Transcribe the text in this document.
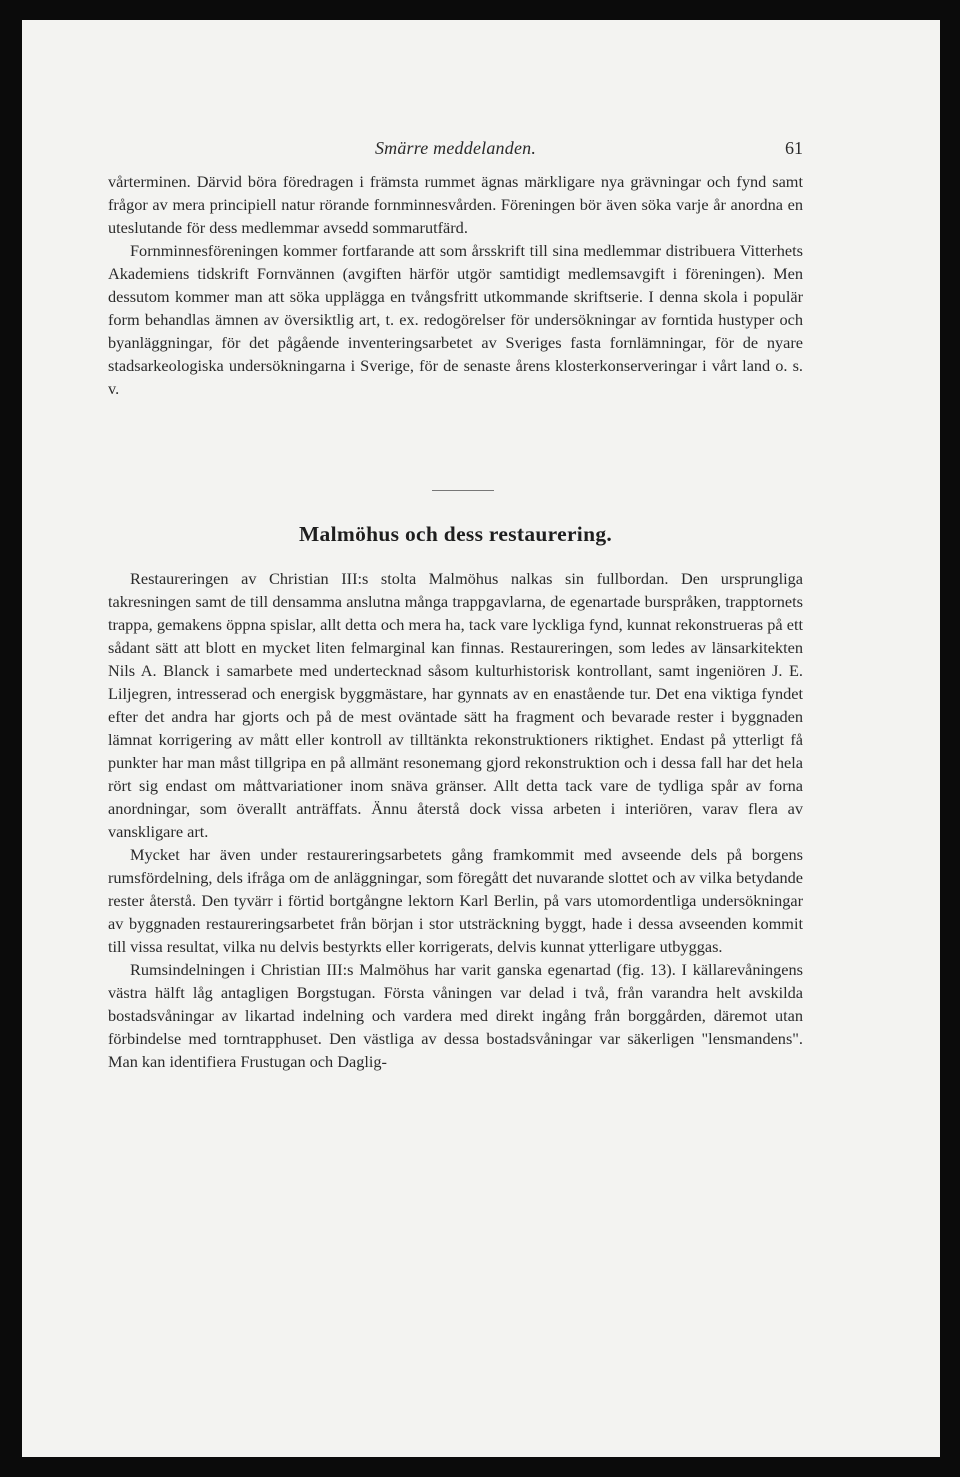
Smärre meddelanden.	61

vårterminen. Därvid böra föredragen i främsta rummet ägnas märkligare nya grävningar och fynd samt frågor av mera principiell natur rörande fornminnesvården. Föreningen bör även söka varje år anordna en uteslutande för dess medlemmar avsedd sommarutfärd.

Fornminnesföreningen kommer fortfarande att som årsskrift till sina medlemmar distribuera Vitterhets Akademiens tidskrift Fornvännen (avgiften härför utgör samtidigt medlemsavgift i föreningen). Men dessutom kommer man att söka upplägga en tvångsfritt utkommande skriftserie. I denna skola i populär form behandlas ämnen av översiktlig art, t. ex. redogörelser för undersökningar av forntida hustyper och byanläggningar, för det pågående inventeringsarbetet av Sveriges fasta fornlämningar, för de nyare stadsarkeologiska undersökningarna i Sverige, för de senaste årens klosterkonserveringar i vårt land o. s. v.

Malmöhus och dess restaurering.

Restaureringen av Christian III:s stolta Malmöhus nalkas sin fullbordan. Den ursprungliga takresningen samt de till densamma anslutna många trappgavlarna, de egenartade burspråken, trapptornets trappa, gemakens öppna spislar, allt detta och mera ha, tack vare lyckliga fynd, kunnat rekonstrueras på ett sådant sätt att blott en mycket liten felmarginal kan finnas. Restaureringen, som ledes av länsarkitekten Nils A. Blanck i samarbete med undertecknad såsom kulturhistorisk kontrollant, samt ingeniören J. E. Liljegren, intresserad och energisk byggmästare, har gynnats av en enastående tur. Det ena viktiga fyndet efter det andra har gjorts och på de mest oväntade sätt ha fragment och bevarade rester i byggnaden lämnat korrigering av mått eller kontroll av tilltänkta rekonstruktioners riktighet. Endast på ytterligt få punkter har man måst tillgripa en på allmänt resonemang gjord rekonstruktion och i dessa fall har det hela rört sig endast om måttvariationer inom snäva gränser. Allt detta tack vare de tydliga spår av forna anordningar, som överallt anträffats. Ännu återstå dock vissa arbeten i interiören, varav flera av vanskligare art.

Mycket har även under restaureringsarbetets gång framkommit med avseende dels på borgens rumsfördelning, dels ifråga om de anläggningar, som föregått det nuvarande slottet och av vilka betydande rester återstå. Den tyvärr i förtid bortgångne lektorn Karl Berlin, på vars utomordentliga undersökningar av byggnaden restaureringsarbetet från början i stor utsträckning byggt, hade i dessa avseenden kommit till vissa resultat, vilka nu delvis bestyrkts eller korrigerats, delvis kunnat ytterligare utbyggas.

Rumsindelningen i Christian III:s Malmöhus har varit ganska egenartad (fig. 13). I källarevåningens västra hälft låg antagligen Borgstugan. Första våningen var delad i två, från varandra helt avskilda bostadsvåningar av likartad indelning och vardera med direkt ingång från borggården, däremot utan förbindelse med torntrapphuset. Den västliga av dessa bostadsvåningar var säkerligen "lensmandens". Man kan identifiera Frustugan och Daglig-
